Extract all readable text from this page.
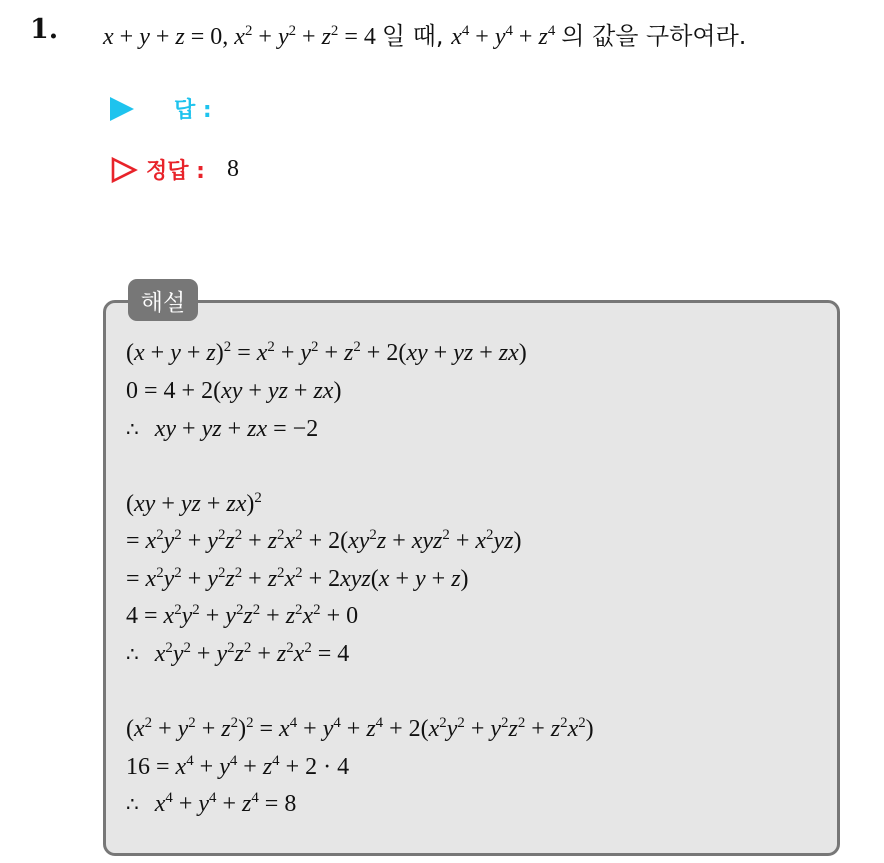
1. x + y + z = 0, $x^2 + y^2 + z^2 = 4$ 일 때, $x^4 + y^4 + z^4$ 의 값을 구하여라.
답 :
정답 : 8
해설
$(x + y + z)^2 = x^2 + y^2 + z^2 + 2(xy$ + yz + zx)
0 = 4 + 2(xy + yz + zx)
∴ xy + yz + zx = −2
(xy + yz + zx)$^2$
= $x^2y^2 + y^2z^2 + z^2x^2 + 2(xy^2z + xyz^2 + x^2yz)$
= $x^2y^2 + y^2z^2 + z^2x^2 + 2xyz(x + y + z)$
$4 = x^2y^2 + y^2z^2 + z^2x^2 + 0$
∴ $x^2y^2 + y^2z^2 + z^2x^2 = 4$
$(x^2 + y^2 + z^2)^2 = x^4 + y^4 + z^4 + 2(x^2y^2 + y^2z^2 + z^2x^2)$
$16 = x^4 + y^4 + z^4 + 2 \cdot 4$
∴ $x^4 + y^4 + z^4 = 8$
